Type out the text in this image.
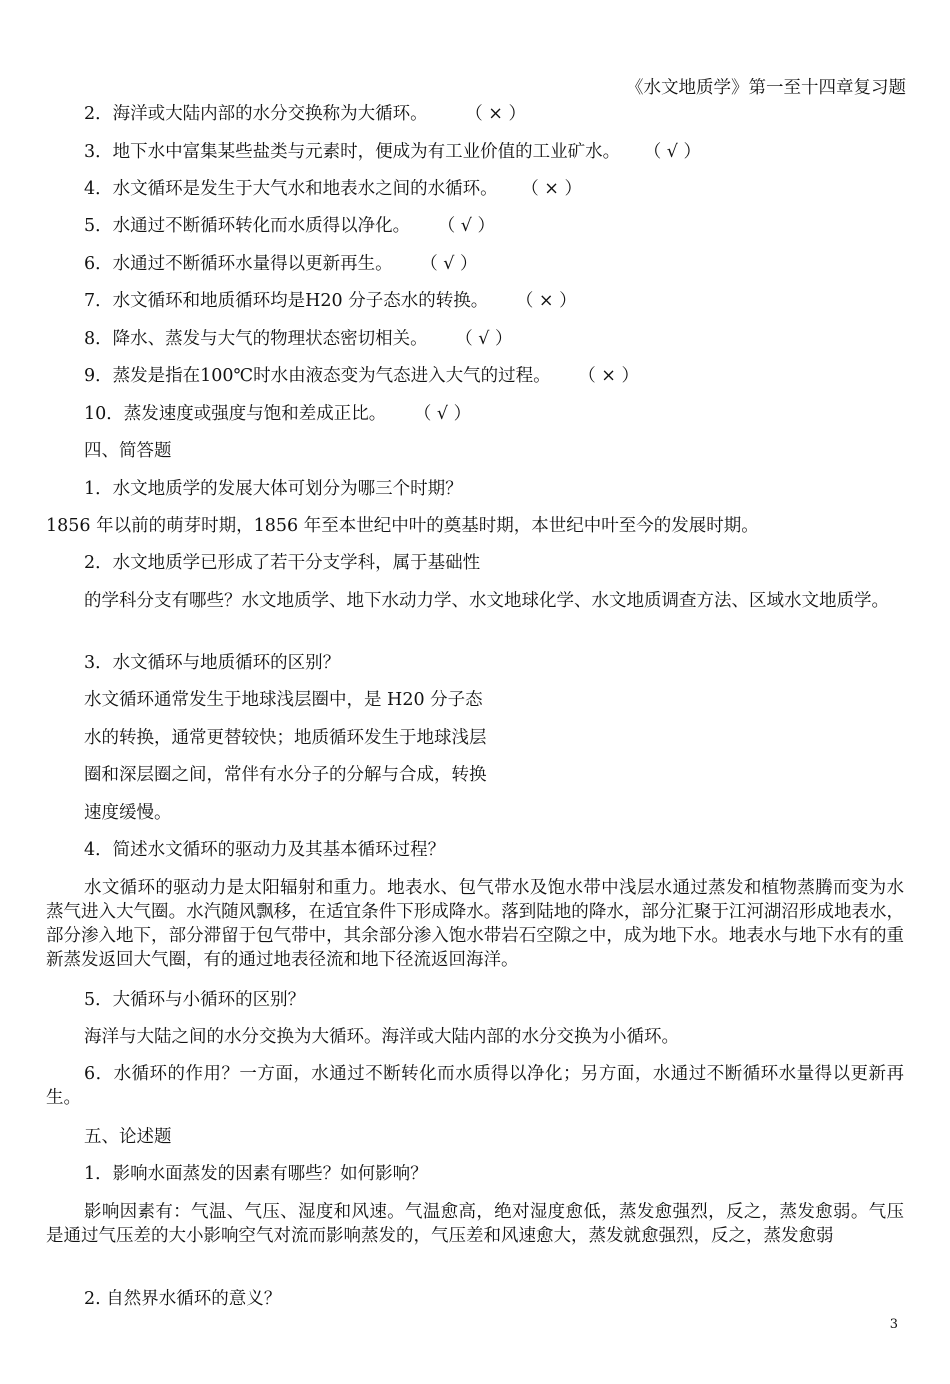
《水文地质学》第一至十四章复习题
2．海洋或大陆内部的水分交换称为大循环。 （ × ）
3．地下水中富集某些盐类与元素时，便成为有工业价值的工业矿水。 （ √ ）
4．水文循环是发生于大气水和地表水之间的水循环。 （ × ）
5．水通过不断循环转化而水质得以净化。 （ √ ）
6．水通过不断循环水量得以更新再生。 （ √ ）
7．水文循环和地质循环均是H20 分子态水的转换。 （ × ）
8．降水、蒸发与大气的物理状态密切相关。 （ √ ）
9．蒸发是指在100℃时水由液态变为气态进入大气的过程。 （ × ）
10．蒸发速度或强度与饱和差成正比。 （ √ ）
四、简答题
1．水文地质学的发展大体可划分为哪三个时期？
1856 年以前的萌芽时期，1856 年至本世纪中叶的奠基时期，本世纪中叶至今的发展时期。
2．水文地质学已形成了若干分支学科，属于基础性
的学科分支有哪些？水文地质学、地下水动力学、水文地球化学、水文地质调查方法、区域水文地质学。
3．水文循环与地质循环的区别？
水文循环通常发生于地球浅层圈中，是 H20 分子态
水的转换，通常更替较快；地质循环发生于地球浅层
圈和深层圈之间，常伴有水分子的分解与合成，转换
速度缓慢。
4．简述水文循环的驱动力及其基本循环过程？
水文循环的驱动力是太阳辐射和重力。地表水、包气带水及饱水带中浅层水通过蒸发和植物蒸腾而变为水蒸气进入大气圈。水汽随风飘移，在适宜条件下形成降水。落到陆地的降水，部分汇聚于江河湖沼形成地表水，部分渗入地下，部分滞留于包气带中，其余部分渗入饱水带岩石空隙之中，成为地下水。地表水与地下水有的重新蒸发返回大气圈，有的通过地表径流和地下径流返回海洋。
5．大循环与小循环的区别？
海洋与大陆之间的水分交换为大循环。海洋或大陆内部的水分交换为小循环。
6．水循环的作用？一方面，水通过不断转化而水质得以净化；另方面，水通过不断循环水量得以更新再生。
五、论述题
1．影响水面蒸发的因素有哪些？如何影响？
影响因素有：气温、气压、湿度和风速。气温愈高，绝对湿度愈低，蒸发愈强烈，反之，蒸发愈弱。气压是通过气压差的大小影响空气对流而影响蒸发的，气压差和风速愈大，蒸发就愈强烈，反之，蒸发愈弱
2. 自然界水循环的意义？
3
